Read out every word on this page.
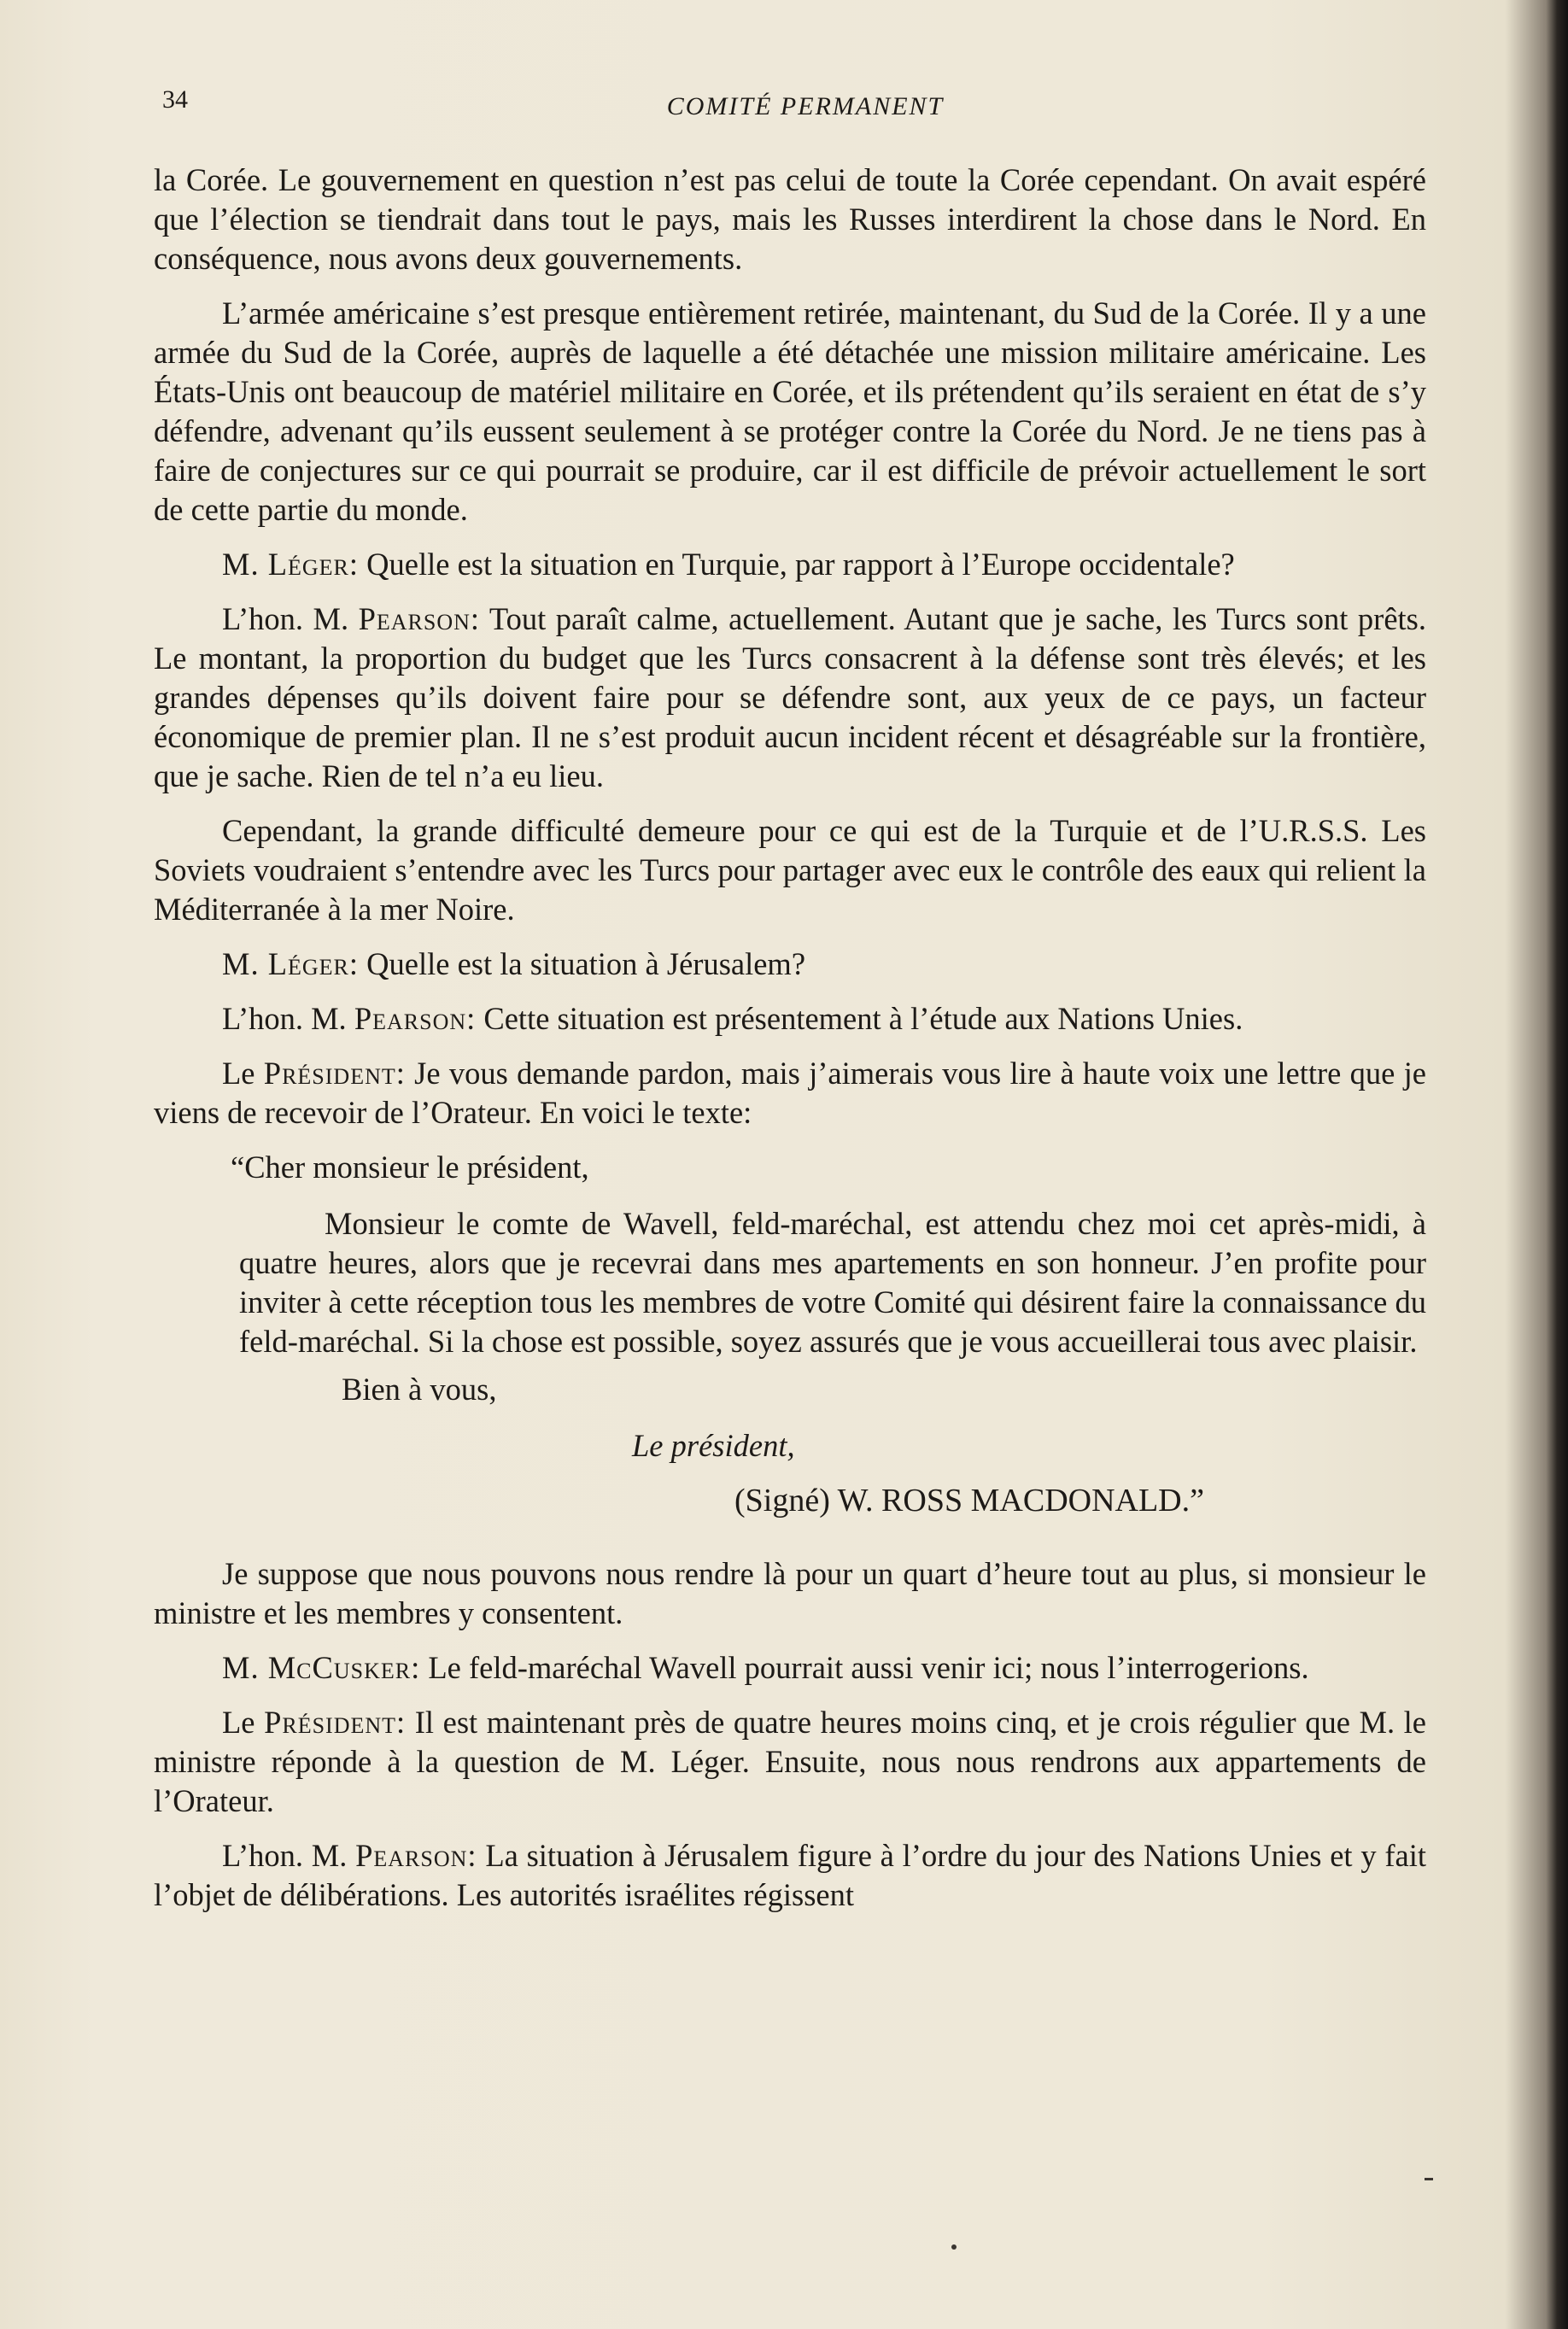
34	COMITÉ PERMANENT

la Corée. Le gouvernement en question n’est pas celui de toute la Corée cependant. On avait espéré que l’élection se tiendrait dans tout le pays, mais les Russes interdirent la chose dans le Nord. En conséquence, nous avons deux gouvernements.

L’armée américaine s’est presque entièrement retirée, maintenant, du Sud de la Corée. Il y a une armée du Sud de la Corée, auprès de laquelle a été détachée une mission militaire américaine. Les États-Unis ont beaucoup de matériel militaire en Corée, et ils prétendent qu’ils seraient en état de s’y défendre, advenant qu’ils eussent seulement à se protéger contre la Corée du Nord. Je ne tiens pas à faire de conjectures sur ce qui pourrait se produire, car il est difficile de prévoir actuellement le sort de cette partie du monde.

M. Léger: Quelle est la situation en Turquie, par rapport à l’Europe occidentale?

L’hon. M. Pearson: Tout paraît calme, actuellement. Autant que je sache, les Turcs sont prêts. Le montant, la proportion du budget que les Turcs consacrent à la défense sont très élevés; et les grandes dépenses qu’ils doivent faire pour se défendre sont, aux yeux de ce pays, un facteur économique de premier plan. Il ne s’est produit aucun incident récent et désagréable sur la frontière, que je sache. Rien de tel n’a eu lieu.

Cependant, la grande difficulté demeure pour ce qui est de la Turquie et de l’U.R.S.S. Les Soviets voudraient s’entendre avec les Turcs pour partager avec eux le contrôle des eaux qui relient la Méditerranée à la mer Noire.

M. Léger: Quelle est la situation à Jérusalem?

L’hon. M. Pearson: Cette situation est présentement à l’étude aux Nations Unies.

Le Président: Je vous demande pardon, mais j’aimerais vous lire à haute voix une lettre que je viens de recevoir de l’Orateur. En voici le texte:

“Cher monsieur le président,

Monsieur le comte de Wavell, feld-maréchal, est attendu chez moi cet après-midi, à quatre heures, alors que je recevrai dans mes apartements en son honneur. J’en profite pour inviter à cette réception tous les membres de votre Comité qui désirent faire la connaissance du feld-maréchal. Si la chose est possible, soyez assurés que je vous accueillerai tous avec plaisir.

Bien à vous,

Le président,

(Signé) W. ROSS MACDONALD.”

Je suppose que nous pouvons nous rendre là pour un quart d’heure tout au plus, si monsieur le ministre et les membres y consentent.

M. McCusker: Le feld-maréchal Wavell pourrait aussi venir ici; nous l’interrogerions.

Le Président: Il est maintenant près de quatre heures moins cinq, et je crois régulier que M. le ministre réponde à la question de M. Léger. Ensuite, nous nous rendrons aux appartements de l’Orateur.

L’hon. M. Pearson: La situation à Jérusalem figure à l’ordre du jour des Nations Unies et y fait l’objet de délibérations. Les autorités israélites régissent
